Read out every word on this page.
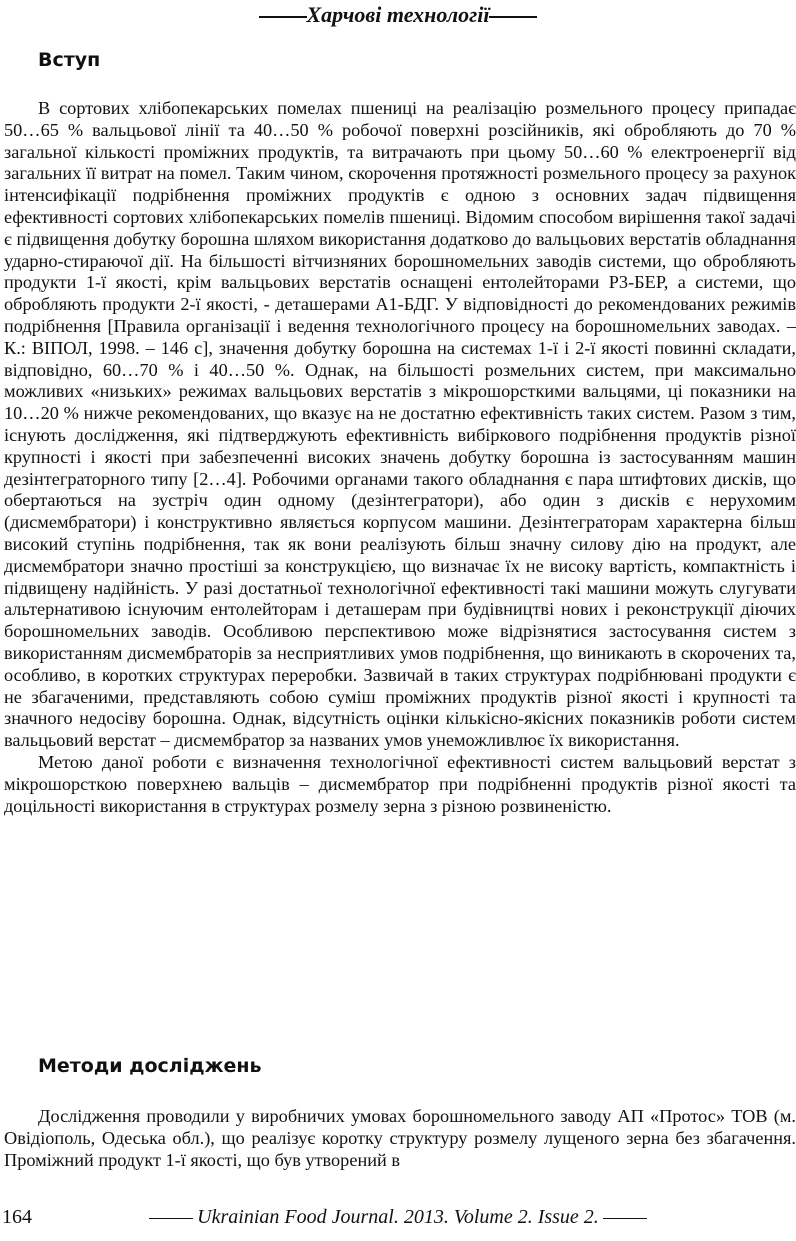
Харчові технології
Вступ

В сортових хлібопекарських помелах пшениці на реалізацію розмельного процесу припадає 50…65 % вальцьової лінії та 40…50 % робочої поверхні розсійників, які обробляють до 70 % загальної кількості проміжних продуктів, та витрачають при цьому 50…60 % електроенергії від загальних її витрат на помел. Таким чином, скорочення протяжності розмельного процесу за рахунок інтенсифікації подрібнення проміжних продуктів є одною з основних задач підвищення ефективності сортових хлібопекарських помелів пшениці. Відомим способом вирішення такої задачі є підвищення добутку борошна шляхом використання додатково до вальцьових верстатів обладнання ударно-стираючої дії. На більшості вітчизняних борошномельних заводів системи, що обробляють продукти 1-ї якості, крім вальцьових верстатів оснащені ентолейторами Р3-БЕР, а системи, що обробляють продукти 2-ї якості, - деташерами А1-БДГ. У відповідності до рекомендованих режимів подрібнення [Правила організації і ведення технологічного процесу на борошномельних заводах. – К.: ВІПОЛ, 1998. – 146 с], значення добутку борошна на системах 1-ї і 2-ї якості повинні складати, відповідно, 60…70 % і 40…50 %. Однак, на більшості розмельних систем, при максимально можливих «низьких» режимах вальцьових верстатів з мікрошорсткими вальцями, ці показники на 10…20 % нижче рекомендованих, що вказує на не достатню ефективність таких систем. Разом з тим, існують дослідження, які підтверджують ефективність вибіркового подрібнення продуктів різної крупності і якості при забезпеченні високих значень добутку борошна із застосуванням машин дезінтеграторного типу [2…4]. Робочими органами такого обладнання є пара штифтових дисків, що обертаються на зустріч один одному (дезінтегратори), або один з дисків є нерухомим (дисмембратори) і конструктивно являється корпусом машини. Дезінтеграторам характерна більш високий ступінь подрібнення, так як вони реалізують більш значну силову дію на продукт, але дисмембратори значно простіші за конструкцією, що визначає їх не високу вартість, компактність і підвищену надійність. У разі достатньої технологічної ефективності такі машини можуть слугувати альтернативою існуючим ентолейторам і деташерам при будівництві нових і реконструкції діючих борошномельних заводів. Особливою перспективою може відрізнятися застосування систем з використанням дисмембраторів за несприятливих умов подрібнення, що виникають в скорочених та, особливо, в коротких структурах переробки. Зазвичай в таких структурах подрібнювані продукти є не збагаченими, представляють собою суміш проміжних продуктів різної якості і крупності та значного недосіву борошна. Однак, відсутність оцінки кількісно-якісних показників роботи систем вальцьовий верстат – дисмембратор за названих умов унеможливлює їх використання.

Метою даної роботи є визначення технологічної ефективності систем вальцьовий верстат з мікрошорсткою поверхнею вальців – дисмембратор при подрібненні продуктів різної якості та доцільності використання в структурах розмелу зерна з різною розвиненістю.

Методи досліджень

Дослідження проводили у виробничих умовах борошномельного заводу АП «Протос» ТОВ (м. Овідіополь, Одеська обл.), що реалізує коротку структуру розмелу лущеного зерна без збагачення. Проміжний продукт 1-ї якості, що був утворений в

164	Ukrainian Food Journal. 2013. Volume 2. Issue 2.
